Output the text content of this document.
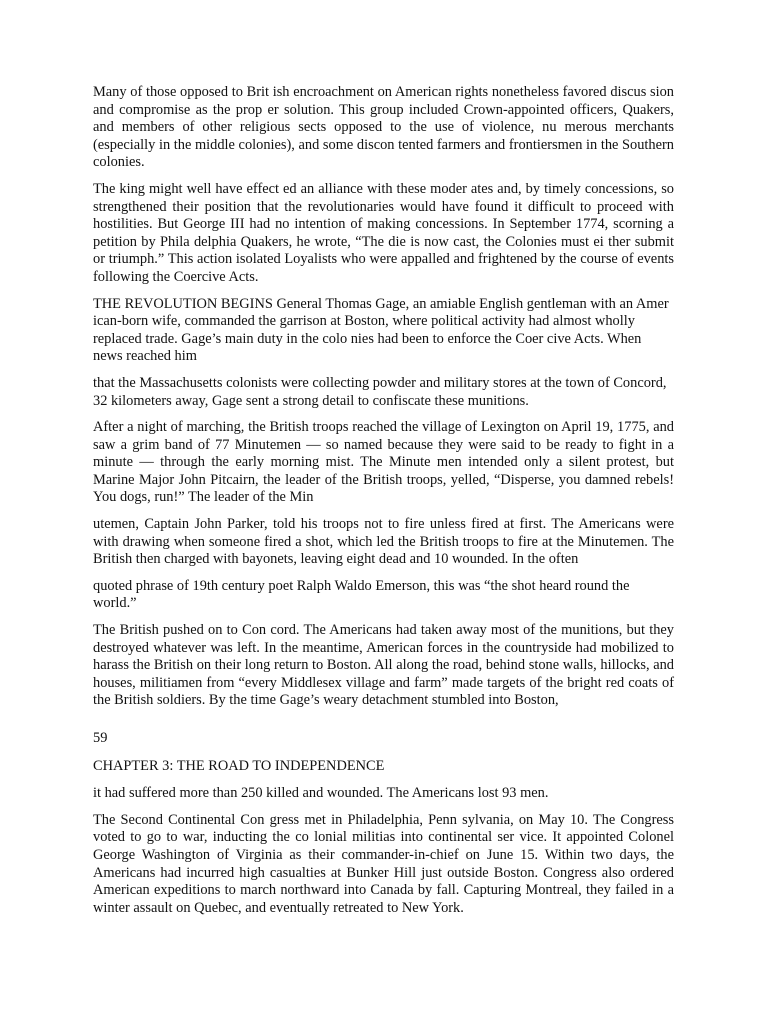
Many of those opposed to Brit ish encroachment on American rights nonetheless favored discus sion and compromise as the prop er solution. This group included Crown-appointed officers, Quakers, and members of other religious sects opposed to the use of violence, nu merous merchants (especially in the middle colonies), and some discon tented farmers and frontiersmen in the Southern colonies.

The king might well have effect ed an alliance with these moder ates and, by timely concessions, so strengthened their position that the revolutionaries would have found it difficult to proceed with hostilities. But George III had no intention of making concessions. In September 1774, scorning a petition by Phila delphia Quakers, he wrote, “The die is now cast, the Colonies must ei ther submit or triumph.” This action isolated Loyalists who were appalled and frightened by the course of events following the Coercive Acts.

THE REVOLUTION BEGINS General Thomas Gage, an amiable English gentleman with an Amer ican-born wife, commanded the garrison at Boston, where political activity had almost wholly replaced trade. Gage’s main duty in the colo nies had been to enforce the Coer cive Acts. When news reached him

that the Massachusetts colonists were collecting powder and military stores at the town of Concord, 32 kilometers away, Gage sent a strong detail to confiscate these munitions.

After a night of marching, the British troops reached the village of Lexington on April 19, 1775, and saw a grim band of 77 Minutemen — so named because they were said to be ready to fight in a minute — through the early morning mist. The Minute men intended only a silent protest, but Marine Major John Pitcairn, the leader of the British troops, yelled, “Disperse, you damned rebels! You dogs, run!” The leader of the Min

utemen, Captain John Parker, told his troops not to fire unless fired at first. The Americans were with drawing when someone fired a shot, which led the British troops to fire at the Minutemen. The British then charged with bayonets, leaving eight dead and 10 wounded. In the often

quoted phrase of 19th century poet Ralph Waldo Emerson, this was “the shot heard round the world.”

The British pushed on to Con cord. The Americans had taken away most of the munitions, but they destroyed whatever was left. In the meantime, American forces in the countryside had mobilized to harass the British on their long return to Boston. All along the road, behind stone walls, hillocks, and houses, militiamen from “every Middlesex village and farm” made targets of the bright red coats of the British soldiers. By the time Gage’s weary detachment stumbled into Boston,

59

CHAPTER 3: THE ROAD TO INDEPENDENCE

it had suffered more than 250 killed and wounded. The Americans lost 93 men.

The Second Continental Con gress met in Philadelphia, Penn sylvania, on May 10. The Congress voted to go to war, inducting the co lonial militias into continental ser vice. It appointed Colonel George Washington of Virginia as their commander-in-chief on June 15. Within two days, the Americans had incurred high casualties at Bunker Hill just outside Boston. Congress also ordered American expeditions to march northward into Canada by fall. Capturing Montreal, they failed in a winter assault on Quebec, and eventually retreated to New York.
